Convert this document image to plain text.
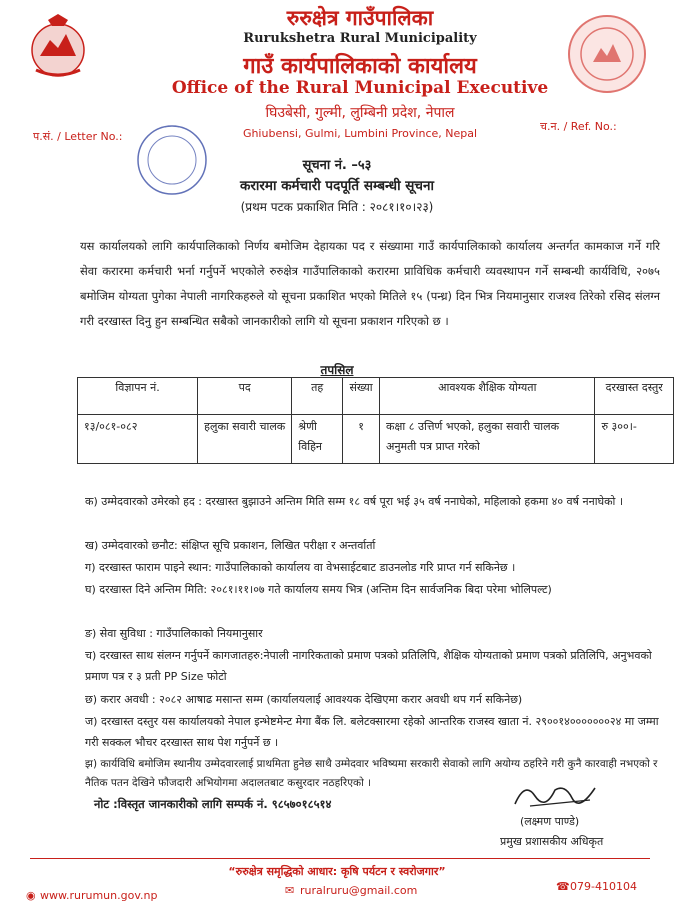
रुरुक्षेत्र गाउँपालिका
Rurukshetra Rural Municipality
गाउँ कार्यपालिकाको कार्यालय
Office of the Rural Municipal Executive
घिउबेसी, गुल्मी, लुम्बिनी प्रदेश, नेपाल
Ghiubensi, Gulmi, Lumbini Province, Nepal
प.सं. / Letter No.:
च.न. / Ref. No.:
सूचना नं. –५३
करारमा कर्मचारी पदपूर्ति सम्बन्धी सूचना
(प्रथम पटक प्रकाशित मिति : २०८१।१०।२३)
यस कार्यालयको लागि कार्यपालिकाको निर्णय बमोजिम देहायका पद र संख्यामा गाउँ कार्यपालिकाको कार्यालय अन्तर्गत कामकाज गर्ने गरि सेवा करारमा कर्मचारी भर्ना गर्नुपर्ने भएकोले रुरुक्षेत्र गाउँपालिकाको करारमा प्राविधिक कर्मचारी व्यवस्थापन गर्ने सम्बन्धी कार्यविधि, २०७५ बमोजिम योग्यता पुगेका नेपाली नागरिकहरुले यो सूचना प्रकाशित भएको मितिले १५ (पन्ध्र) दिन भित्र नियमानुसार राजश्व तिरेको रसिद संलग्न गरी दरखास्त दिनु हुन सम्बन्धित सबैको जानकारीको लागि यो सूचना प्रकाशन गरिएको छ ।
तपसिल
विज्ञापन नं.	पद	तह	संख्या	आवश्यक शैक्षिक योग्यता	दरखास्त दस्तुर
१३/०८१-०८२	हलुका सवारी चालक	श्रेणी विहिन	१	कक्षा ८ उत्तिर्ण भएको, हलुका सवारी चालक अनुमती पत्र प्राप्त गरेको	रु ३००।-
क) उम्मेदवारको उमेरको हद : दरखास्त बुझाउने अन्तिम मिति सम्म १८ वर्ष पूरा भई ३५ वर्ष ननाघेको, महिलाको हकमा ४० वर्ष ननाघेको ।
ख) उम्मेदवारको छनौट: संक्षिप्त सूचि प्रकाशन, लिखित परीक्षा र अन्तर्वार्ता
ग) दरखास्त फाराम पाइने स्थान: गाउँपालिकाको कार्यालय वा वेभसाईटबाट डाउनलोड गरि प्राप्त गर्न सकिनेछ ।
घ) दरखास्त दिने अन्तिम मिति: २०८१।११।०७ गते कार्यालय समय भित्र (अन्तिम दिन सार्वजनिक बिदा परेमा भोलिपल्ट)
ङ) सेवा सुविधा : गाउँपालिकाको नियमानुसार
च) दरखास्त साथ संलग्न गर्नुपर्ने कागजातहरु:नेपाली नागरिकताको प्रमाण पत्रको प्रतिलिपि, शैक्षिक योग्यताको प्रमाण पत्रको प्रतिलिपि, अनुभवको प्रमाण पत्र र ३ प्रती PP Size फोटो
छ) करार अवधी : २०८२ आषाढ मसान्त सम्म (कार्यालयलाई आवश्यक देखिएमा करार अवधी थप गर्न सकिनेछ)
ज) दरखास्त दस्तुर यस कार्यालयको नेपाल इन्भेष्टमेन्ट मेगा बैंक लि. बलेटक्सारमा रहेको आन्तरिक राजस्व खाता नं. २९००१४०००००००२४ मा जम्मा गरी सक्कल भौचर दरखास्त साथ पेश गर्नुपर्ने छ ।
झ) कार्यविधि बमोजिम स्थानीय उम्मेदवारलाई प्राथमिता हुनेछ साथै उम्मेदवार भविष्यमा सरकारी सेवाको लागि अयोग्य ठहरिने गरी कुनै कारवाही नभएको र नैतिक पतन देखिने फौजदारी अभियोगमा अदालतबाट कसुरदार नठहरिएको ।
नोट :विस्तृत जानकारीको लागि सम्पर्क नं. ९८५७०१८५१४
(लक्ष्मण पाण्डे)
प्रमुख प्रशासकीय अधिकृत
“रुरुक्षेत्र समृद्धिको आधार: कृषि पर्यटन र स्वरोजगार”
◉ www.rurumun.gov.np	✉ ruralruru@gmail.com	☎ 079-410104
